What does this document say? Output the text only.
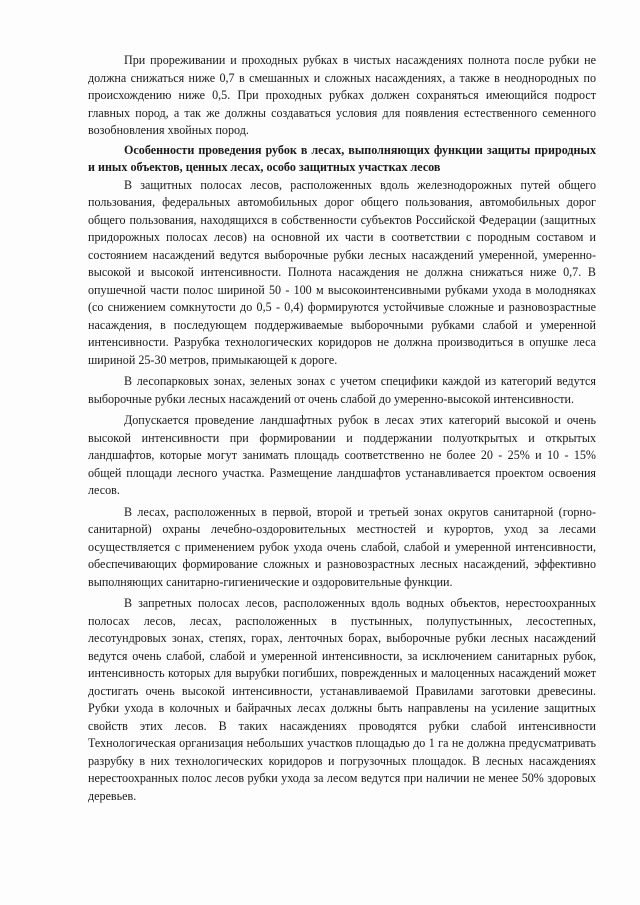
При прореживании и проходных рубках в чистых насаждениях полнота после рубки не должна снижаться ниже 0,7 в смешанных и сложных насаждениях, а также в неоднородных по происхождению ниже 0,5. При проходных рубках должен сохраняться имеющийся подрост главных пород, а так же должны создаваться условия для появления естественного семенного возобновления хвойных пород.

Особенности проведения рубок в лесах, выполняющих функции защиты природных и иных объектов, ценных лесах, особо защитных участках лесов

В защитных полосах лесов, расположенных вдоль железнодорожных путей общего пользования, федеральных автомобильных дорог общего пользования, автомобильных дорог общего пользования, находящихся в собственности субъектов Российской Федерации (защитных придорожных полосах лесов) на основной их части в соответствии с породным составом и состоянием насаждений ведутся выборочные рубки лесных насаждений умеренной, умеренно-высокой и высокой интенсивности. Полнота насаждения не должна снижаться ниже 0,7. В опушечной части полос шириной 50 - 100 м высокоинтенсивными рубками ухода в молодняках (со снижением сомкнутости до 0,5 - 0,4) формируются устойчивые сложные и разновозрастные насаждения, в последующем поддерживаемые выборочными рубками слабой и умеренной интенсивности. Разрубка технологических коридоров не должна производиться в опушке леса шириной 25-30 метров, примыкающей к дороге.

В лесопарковых зонах, зеленых зонах с учетом специфики каждой из категорий ведутся выборочные рубки лесных насаждений от очень слабой до умеренно-высокой интенсивности.

Допускается проведение ландшафтных рубок в лесах этих категорий высокой и очень высокой интенсивности при формировании и поддержании полуоткрытых и открытых ландшафтов, которые могут занимать площадь соответственно не более 20 - 25% и 10 - 15% общей площади лесного участка. Размещение ландшафтов устанавливается проектом освоения лесов.

В лесах, расположенных в первой, второй и третьей зонах округов санитарной (горно-санитарной) охраны лечебно-оздоровительных местностей и курортов, уход за лесами осуществляется с применением рубок ухода очень слабой, слабой и умеренной интенсивности, обеспечивающих формирование сложных и разновозрастных лесных насаждений, эффективно выполняющих санитарно-гигиенические и оздоровительные функции.

В запретных полосах лесов, расположенных вдоль водных объектов, нерестоохранных полосах лесов, лесах, расположенных в пустынных, полупустынных, лесостепных, лесотундровых зонах, степях, горах, ленточных борах, выборочные рубки лесных насаждений ведутся очень слабой, слабой и умеренной интенсивности, за исключением санитарных рубок, интенсивность которых для вырубки погибших, поврежденных и малоценных насаждений может достигать очень высокой интенсивности, устанавливаемой Правилами заготовки древесины. Рубки ухода в колочных и байрачных лесах должны быть направлены на усиление защитных свойств этих лесов. В таких насаждениях проводятся рубки слабой интенсивности Технологическая организация небольших участков площадью до 1 га не должна предусматривать разрубку в них технологических коридоров и погрузочных площадок. В лесных насаждениях нерестоохранных полос лесов рубки ухода за лесом ведутся при наличии не менее 50% здоровых деревьев.
